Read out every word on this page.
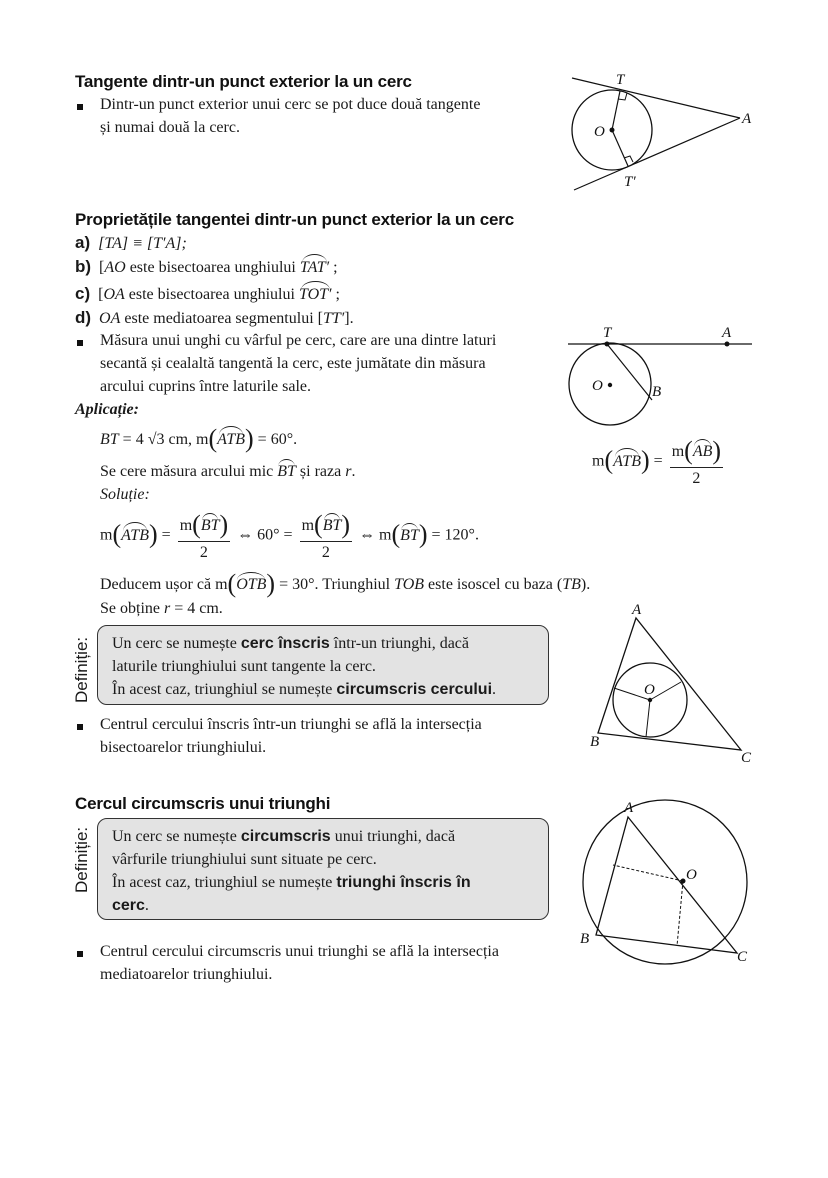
Tangente dintr-un punct exterior la un cerc
Dintr-un punct exterior unui cerc se pot duce două tangente
și numai două la cerc.
T
O
A
T′
Proprietățile tangentei dintr-un punct exterior la un cerc
a) [TA] ≡ [T′A];
b) [AO este bisectoarea unghiului TAT′ ;
c) [OA este bisectoarea unghiului TOT′ ;
d) OA este mediatoarea segmentului [TT′].
Măsura unui unghi cu vârful pe cerc, care are una dintre laturi
secantă și cealaltă tangentă la cerc, este jumătate din măsura
arcului cuprins între laturile sale.
Aplicație:
BT = 4 √3 cm, m(ATB) = 60°.
Se cere măsura arcului mic BT și raza r.
Soluție:
$m(ATB) = \frac{m(BT)}{2}$ ⇔ $60^\circ = \frac{m(BT)}{2}$ ⇔ m(BT) = 120°.
Deducem ușor că m(OTB) = 30°. Triunghiul TOB este isoscel cu baza (TB).
Se obține r = 4 cm.
T	A
O	B
$m(ATB) = \frac{m(AB)}{2}$
Definiție: Un cerc se numește cerc înscris într-un triunghi, dacă
laturile triunghiului sunt tangente la cerc.
În acest caz, triunghiul se numește circumscris cercului.
Centrul cercului înscris într-un triunghi se află la intersecția
bisectoarelor triunghiului.
A
O
B
C
Cercul circumscris unui triunghi
Definiție: Un cerc se numește circumscris unui triunghi, dacă
vârfurile triunghiului sunt situate pe cerc.
În acest caz, triunghiul se numește triunghi înscris în
cerc.
Centrul cercului circumscris unui triunghi se află la intersecția
mediatoarelor triunghiului.
A
O
B
C
